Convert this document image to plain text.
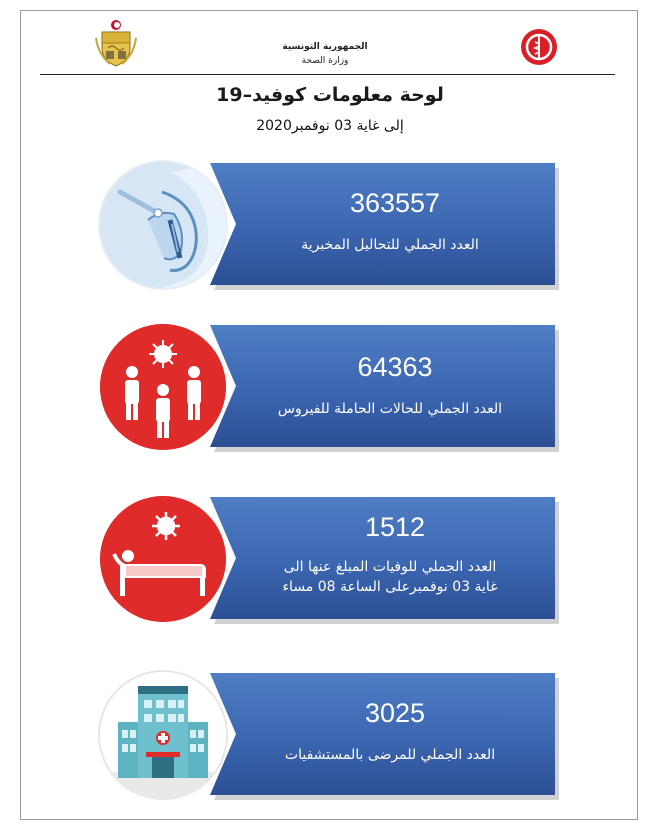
الجمهورية التونسية
وزارة الصحة
لوحة معلومات كوفيد–19
إلى غاية 03 نوفمبر2020
363557
العدد الجملي للتحاليل المخبرية
64363
العدد الجملي للحالات الحاملة للفيروس
1512
العدد الجملي للوفيات المبلغ عنها الى
غاية 03 نوفمبرعلى الساعة 08 مساء
3025
العدد الجملي للمرضى بالمستشفيات
